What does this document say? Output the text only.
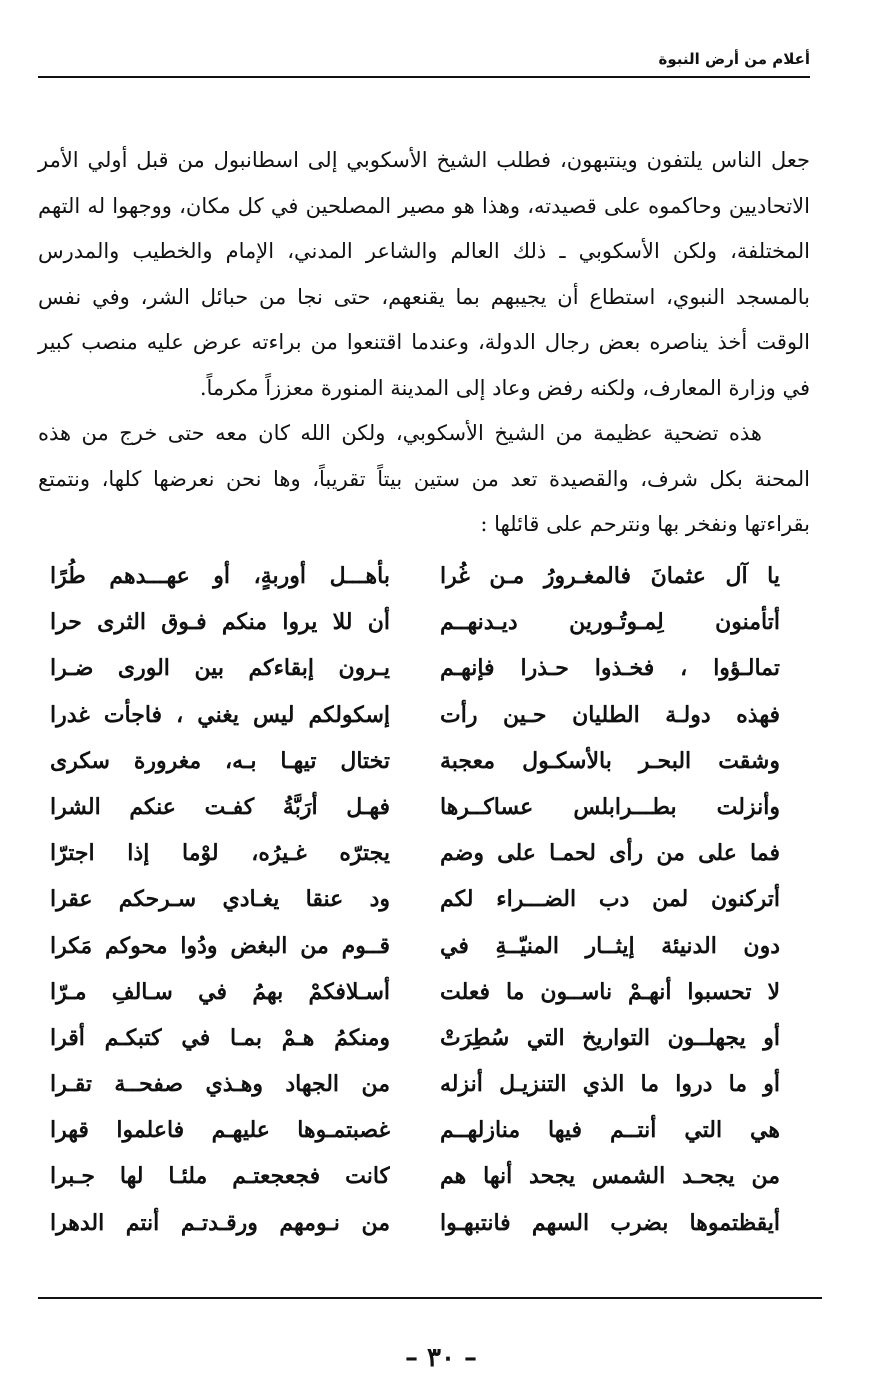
أعلام من أرض النبوة

جعل الناس يلتفون وينتبهون، فطلب الشيخ الأسكوبي إلى اسطانبول من قبل أولي الأمر الاتحاديين وحاكموه على قصيدته، وهذا هو مصير المصلحين في كل مكان، ووجهوا له التهم المختلفة، ولكن الأسكوبي ـ ذلك العالم والشاعر المدني، الإمام والخطيب والمدرس بالمسجد النبوي، استطاع أن يجيبهم بما يقنعهم، حتى نجا من حبائل الشر، وفي نفس الوقت أخذ يناصره بعض رجال الدولة، وعندما اقتنعوا من براءته عرض عليه منصب كبير في وزارة المعارف، ولكنه رفض وعاد إلى المدينة المنورة معززاً مكرماً.

هذه تضحية عظيمة من الشيخ الأسكوبي، ولكن الله كان معه حتى خرج من هذه المحنة بكل شرف، والقصيدة تعد من ستين بيتاً تقريباً، وها نحن نعرضها كلها، ونتمتع بقراءتها ونفخر بها ونترحم على قائلها :

يا آل عثمانَ فالمغـرورُ مـن غُرا
بأهـــل أوربةٍ، أو عهـــدهم طُرًا
أتأمنون لِمـوتُـورين ديـدنهــم
أن للا يروا منكم فـوق الثرى حرا
تمالـؤوا ، فخـذوا حـذرا فإنهـم
يـرون إبقاءكم بين الورى ضـرا
فهذه دولـة الطليان حـين رأت
إسكولكم ليس يغني ، فاجأت غدرا
وشقت البحـر بالأسكـول معجبة
تختال تيهـا بـه، مغرورة سكرى
وأنزلت بطـــرابلس عساكــرها
فهـل أرَبَّةُ كفـت عنكم الشرا
فما على من رأى لحمـا على وضم
يجترّه غـيرُه، لوْما إذا اجترّا
أتركنون لمن دب الضـــراء لكم
ود عنقا يغـادي سـرحكم عقرا
دون الدنيئة إيثــار المنيّــةِ في
قــوم من البغض ودُوا محوكم مَكرا
لا تحسبوا أنهـمْ ناســون ما فعلت
أسـلافكمْ بهمُ في سـالفِ مـرّا
أو يجهلــون التواريخ التي سُطِرَتْ
ومنكمُ هـمْ بمـا في كتبكـم أقرا
أو ما دروا ما الذي التنزيـل أنزله
من الجهاد وهـذي صفحــة تقـرا
هي التي أنتــم فيها منازلهــم
غصبتمـوها عليهـم فاعلموا قهرا
من يجحـد الشمس يجحد أنها هم
كانت فجعجعتـم ملئـا لها جـبرا
أيقظتموها بضرب السهم فانتبهـوا
من نـومهم ورقـدتـم أنتم الدهرا
– ٣٠ –
